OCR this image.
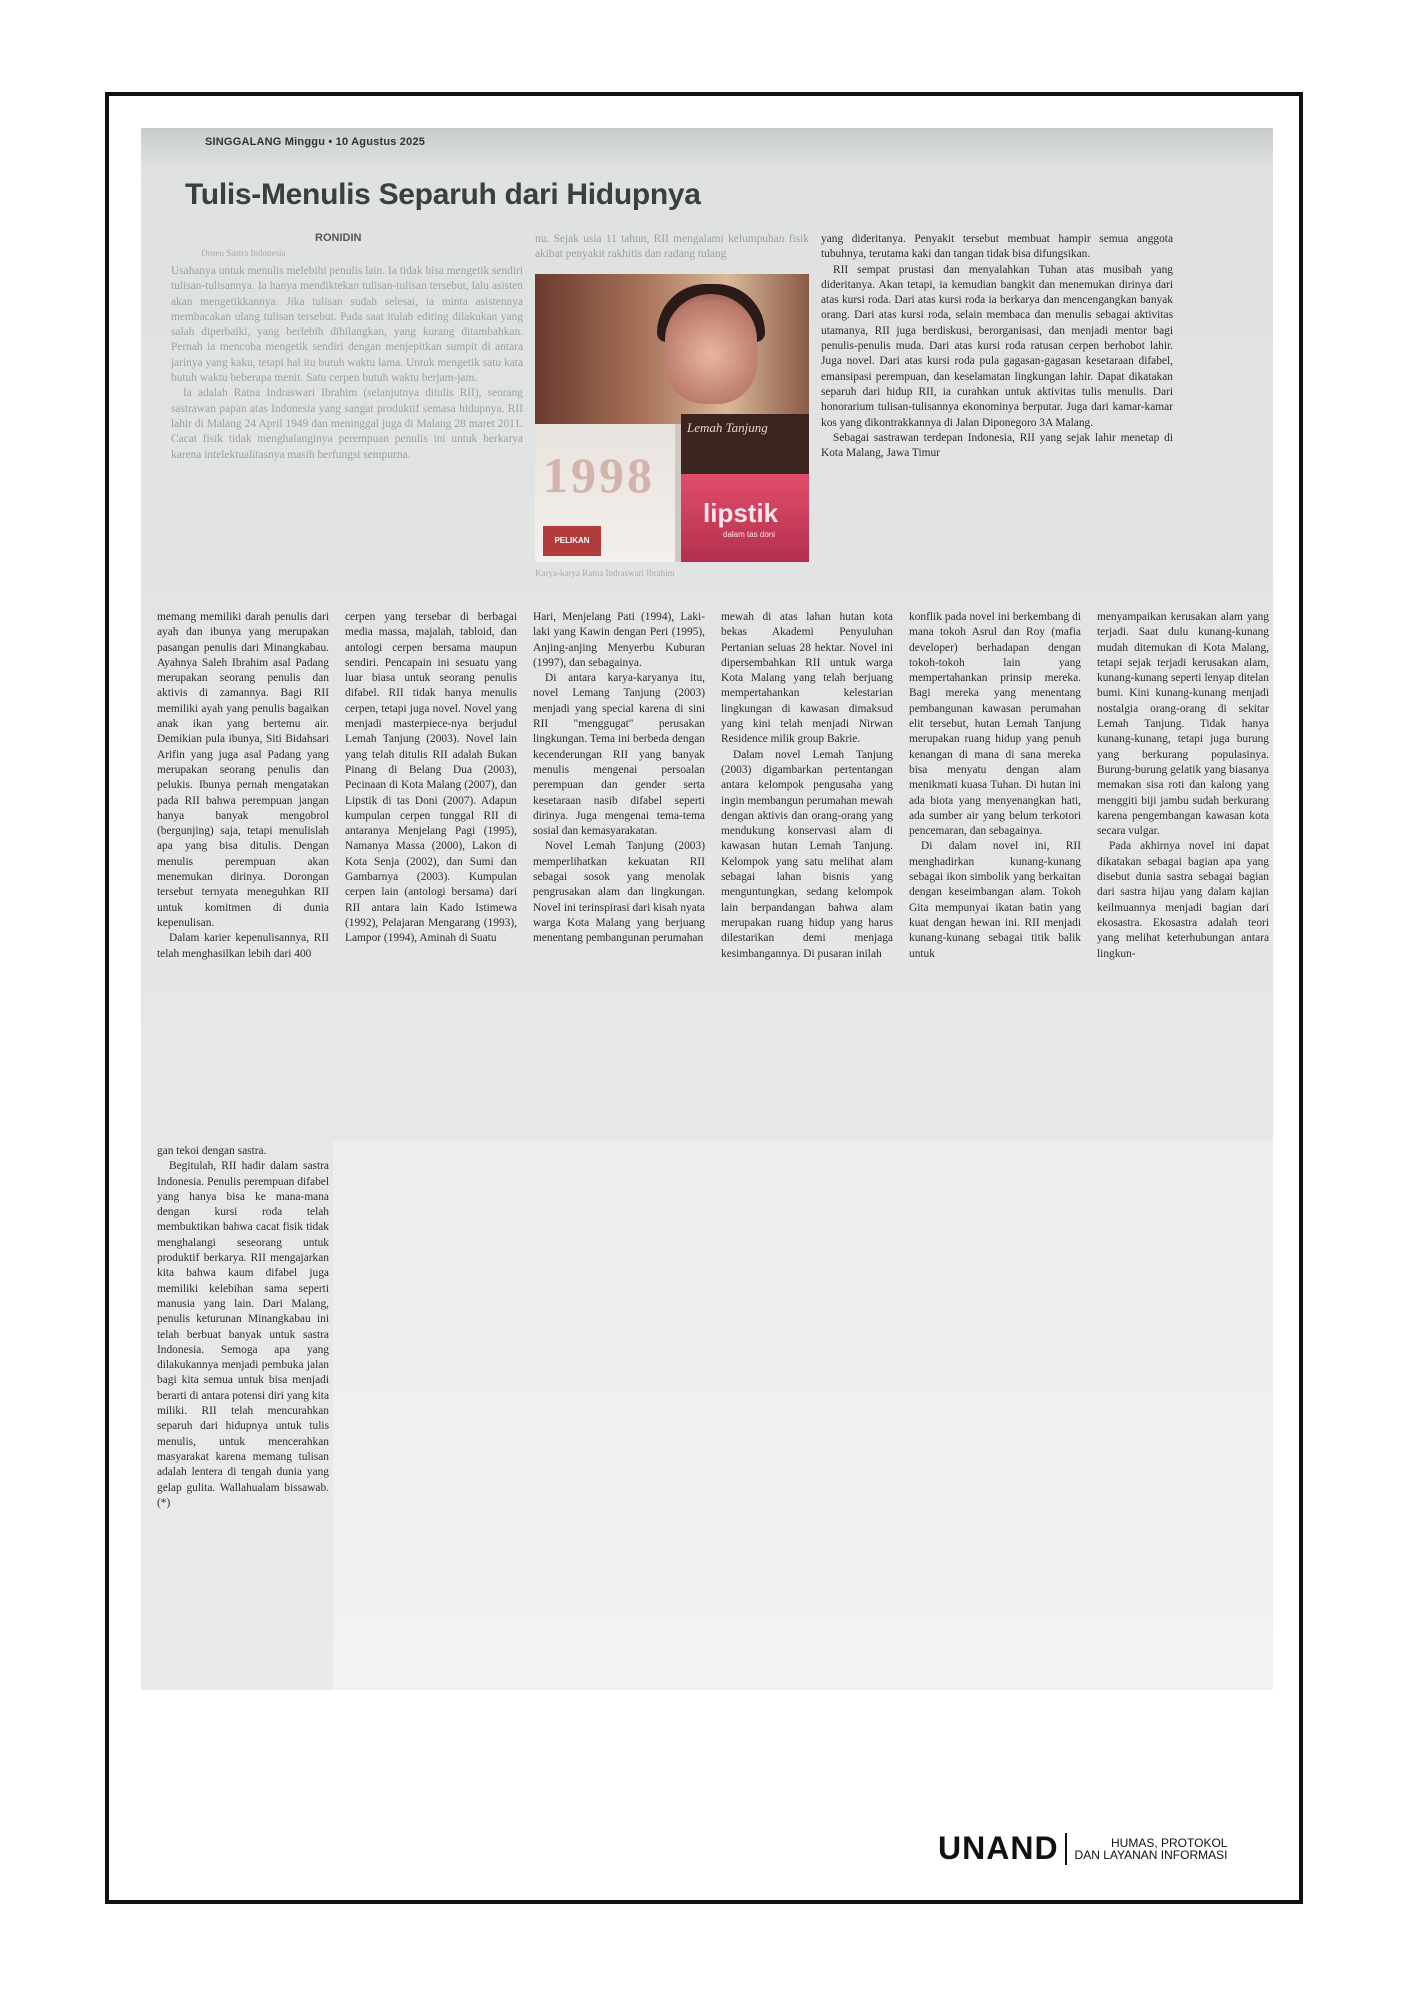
SINGGALANG Minggu • 10 Agustus 2025
Tulis-Menulis Separuh dari Hidupnya
RONIDIN
Dosen Sastra Indonesia

Usahanya untuk menulis melebihi penulis lain. Ia tidak bisa mengetik sendiri tulisan-tulisannya. Ia hanya mendiktekan tulisan-tulisan tersebut, lalu asisten akan mengetikkannya. Jika tulisan sudah selesai, ia minta asistennya membacakan ulang tulisan tersebut. Pada saat itulah editing dilakukan yang salah diperbaiki, yang berlebih dihilangkan, yang kurang ditambahkan. Pernah ia mencoba mengetik sendiri dengan menjepitkan sumpit di antara jarinya yang kaku, tetapi hal itu butuh waktu lama. Untuk mengetik satu kata butuh waktu beberapa menit. Satu cerpen butuh waktu berjam-jam.

Ia adalah Ratna Indraswari Ibrahim (selanjutnya ditulis RII), seorang sastrawan papan atas Indonesia yang sangat produktif semasa hidupnya. RII lahir di Malang 24 April 1949 dan meninggal juga di Malang 28 maret 2011. Cacat fisik tidak menghalanginya perempuan penulis ini untuk berkarya karena intelektualitasnya masih berfungsi sempurna.

nu. Sejak usia 11 tahun, RII mengalami kelumpuhan fisik akibat penyakit rakhitis dan radang tulang

yang dideritanya. Penyakit tersebut membuat hampir semua anggota tubuhnya, terutama kaki dan tangan tidak bisa difungsikan.

RII sempat prustasi dan menyalahkan Tuhan atas musibah yang dideritanya. Akan tetapi, ia kemudian bangkit dan menemukan dirinya dari atas kursi roda. Dari atas kursi roda ia berkarya dan mencengangkan banyak orang. Dari atas kursi roda, selain membaca dan menulis sebagai aktivitas utamanya, RII juga berdiskusi, berorganisasi, dan menjadi mentor bagi penulis-penulis muda. Dari atas kursi roda ratusan cerpen berhobot lahir. Juga novel. Dari atas kursi roda pula gagasan-gagasan kesetaraan difabel, emansipasi perempuan, dan keselamatan lingkungan lahir. Dapat dikatakan separuh dari hidup RII, ia curahkan untuk aktivitas tulis menulis. Dari honorarium tulisan-tulisannya ekonominya berputar. Juga dari kamar-kamar kos yang dikontrakkannya di Jalan Diponegoro 3A Malang.

Sebagai sastrawan terdepan Indonesia, RII yang sejak lahir menetap di Kota Malang, Jawa Timur

1998
PELIKAN
Lemah Tanjung
lipstik
dalam tas doni
Karya-karya Ratna Indraswari Ibrahim

memang memiliki darah penulis dari ayah dan ibunya yang merupakan pasangan penulis dari Minangkabau. Ayahnya Saleh Ibrahim asal Padang merupakan seorang penulis dan aktivis di zamannya. Bagi RII memiliki ayah yang penulis bagaikan anak ikan yang bertemu air. Demikian pula ibunya, Siti Bidahsari Arifin yang juga asal Padang yang merupakan seorang penulis dan pelukis. Ibunya pernah mengatakan pada RII bahwa perempuan jangan hanya banyak mengobrol (bergunjing) saja, tetapi menulislah apa yang bisa ditulis. Dengan menulis perempuan akan menemukan dirinya. Dorongan tersebut ternyata meneguhkan RII untuk komitmen di dunia kepenulisan.

Dalam karier kepenulisannya, RII telah menghasilkan lebih dari 400

cerpen yang tersebar di berbagai media massa, majalah, tabloid, dan antologi cerpen bersama maupun sendiri. Pencapain ini sesuatu yang luar biasa untuk seorang penulis difabel. RII tidak hanya menulis cerpen, tetapi juga novel. Novel yang menjadi masterpiece-nya berjudul Lemah Tanjung (2003). Novel lain yang telah ditulis RII adalah Bukan Pinang di Belang Dua (2003), Pecinaan di Kota Malang (2007), dan Lipstik di tas Doni (2007). Adapun kumpulan cerpen tunggal RII di antaranya Menjelang Pagi (1995), Namanya Massa (2000), Lakon di Kota Senja (2002), dan Sumi dan Gambarnya (2003). Kumpulan cerpen lain (antologi bersama) dari RII antara lain Kado Istimewa (1992), Pelajaran Mengarang (1993), Lampor (1994), Aminah di Suatu

Hari, Menjelang Pati (1994), Laki-laki yang Kawin dengan Peri (1995), Anjing-anjing Menyerbu Kuburan (1997), dan sebagainya.

Di antara karya-karyanya itu, novel Lemang Tanjung (2003) menjadi yang special karena di sini RII "menggugat" perusakan lingkungan. Tema ini berbeda dengan kecenderungan RII yang banyak menulis mengenai persoalan perempuan dan gender serta kesetaraan nasib difabel seperti dirinya. Juga mengenai tema-tema sosial dan kemasyarakatan.

Novel Lemah Tanjung (2003) memperlihatkan kekuatan RII sebagai sosok yang menolak pengrusakan alam dan lingkungan. Novel ini terinspirasi dari kisah nyata warga Kota Malang yang berjuang menentang pembangunan perumahan

mewah di atas lahan hutan kota bekas Akademi Penyuluhan Pertanian seluas 28 hektar. Novel ini dipersembahkan RII untuk warga Kota Malang yang telah berjuang mempertahankan kelestarian lingkungan di kawasan dimaksud yang kini telah menjadi Nirwan Residence milik group Bakrie.

Dalam novel Lemah Tanjung (2003) digambarkan pertentangan antara kelompok pengusaha yang ingin membangun perumahan mewah dengan aktivis dan orang-orang yang mendukung konservasi alam di kawasan hutan Lemah Tanjung. Kelompok yang satu melihat alam sebagai lahan bisnis yang menguntungkan, sedang kelompok lain berpandangan bahwa alam merupakan ruang hidup yang harus dilestarikan demi menjaga kesimbangannya. Di pusaran inilah

konflik pada novel ini berkembang di mana tokoh Asrul dan Roy (mafia developer) berhadapan dengan tokoh-tokoh lain yang mempertahankan prinsip mereka. Bagi mereka yang menentang pembangunan kawasan perumahan elit tersebut, hutan Lemah Tanjung merupakan ruang hidup yang penuh kenangan di mana di sana mereka bisa menyatu dengan alam menikmati kuasa Tuhan. Di hutan ini ada biota yang menyenangkan hati, ada sumber air yang belum terkotori pencemaran, dan sebagainya.

Di dalam novel ini, RII menghadirkan kunang-kunang sebagai ikon simbolik yang berkaitan dengan keseimbangan alam. Tokoh Gita mempunyai ikatan batin yang kuat dengan hewan ini. RII menjadi kunang-kunang sebagai titik balik untuk

menyampaikan kerusakan alam yang terjadi. Saat dulu kunang-kunang mudah ditemukan di Kota Malang, tetapi sejak terjadi kerusakan alam, kunang-kunang seperti lenyap ditelan bumi. Kini kunang-kunang menjadi nostalgia orang-orang di sekitar Lemah Tanjung. Tidak hanya kunang-kunang, tetapi juga burung yang berkurang populasinya. Burung-burung gelatik yang biasanya memakan sisa roti dan kalong yang menggiti biji jambu sudah berkurang karena pengembangan kawasan kota secara vulgar.

Pada akhirnya novel ini dapat dikatakan sebagai bagian apa yang disebut dunia sastra sebagai bagian dari sastra hijau yang dalam kajian keilmuannya menjadi bagian dari ekosastra. Ekosastra adalah teori yang melihat keterhubungan antara lingkun-

gan tekoi dengan sastra.

Begitulah, RII hadir dalam sastra Indonesia. Penulis perempuan difabel yang hanya bisa ke mana-mana dengan kursi roda telah membuktikan bahwa cacat fisik tidak menghalangi seseorang untuk produktif berkarya. RII mengajarkan kita bahwa kaum difabel juga memiliki kelebihan sama seperti manusia yang lain. Dari Malang, penulis keturunan Minangkabau ini telah berbuat banyak untuk sastra Indonesia. Semoga apa yang dilakukannya menjadi pembuka jalan bagi kita semua untuk bisa menjadi berarti di antara potensi diri yang kita miliki. RII telah mencurahkan separuh dari hidupnya untuk tulis menulis, untuk mencerahkan masyarakat karena memang tulisan adalah lentera di tengah dunia yang gelap gulita. Wallahualam bissawab.(*)

UNAND	HUMAS, PROTOKOL
DAN LAYANAN INFORMASI
